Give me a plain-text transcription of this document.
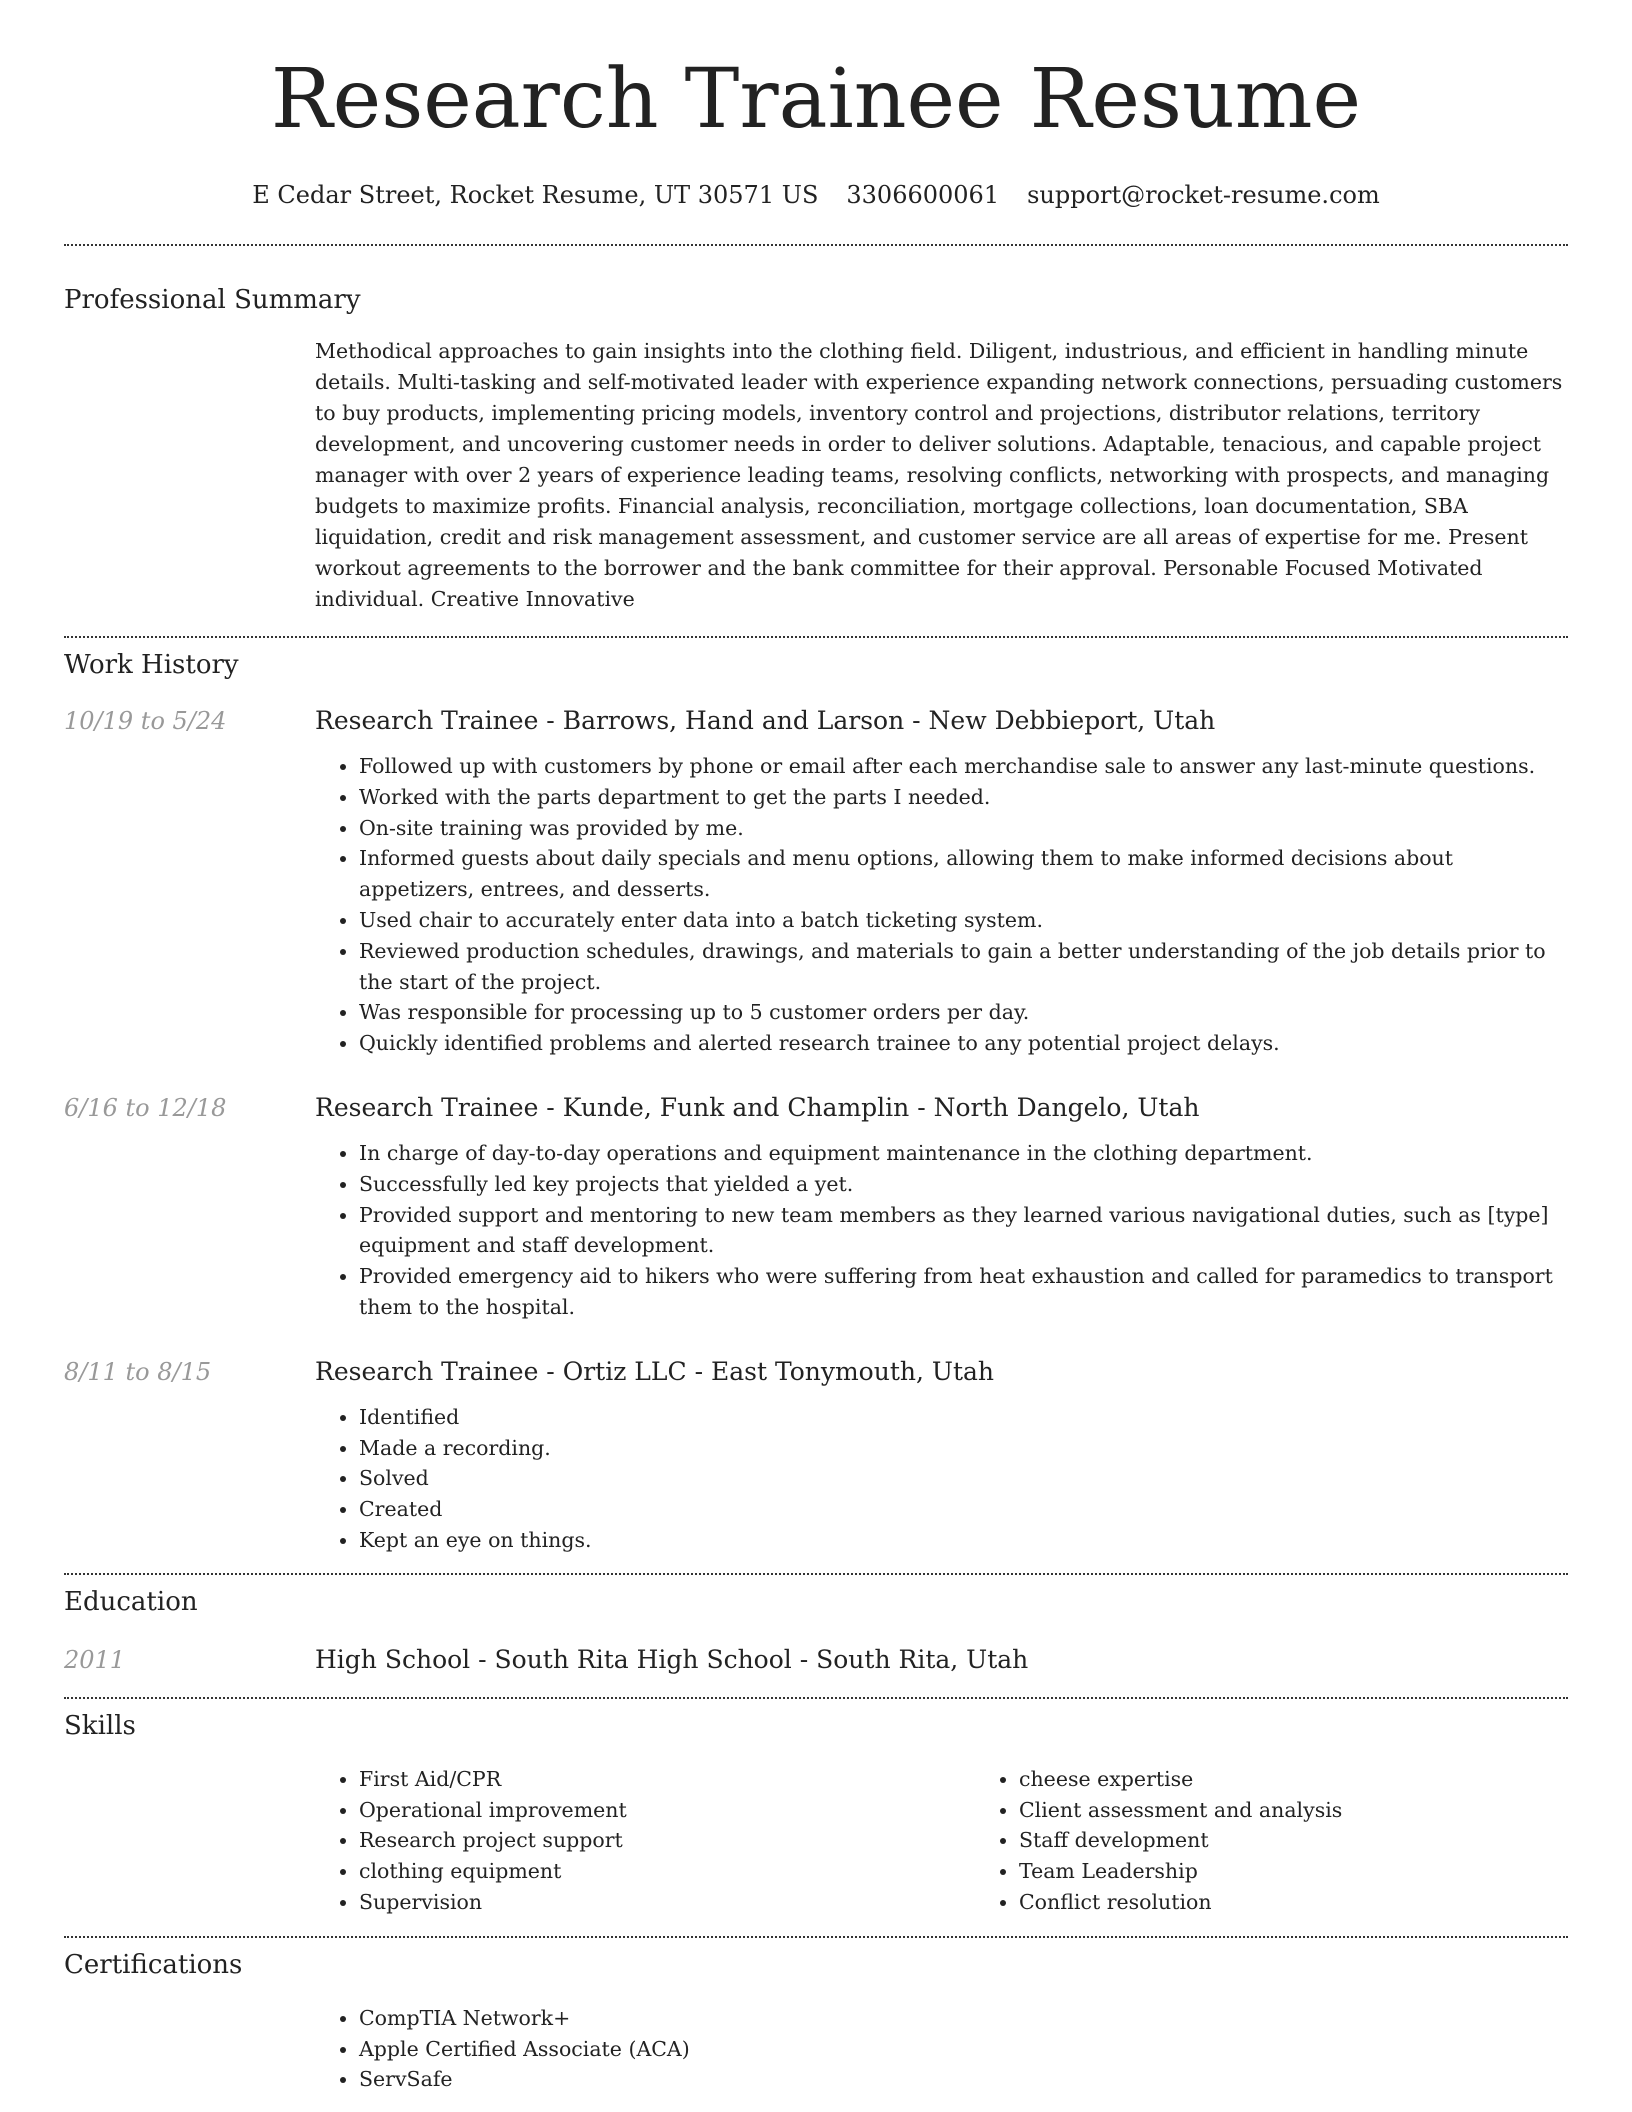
Research Trainee Resume
E Cedar Street, Rocket Resume, UT 30571 US 3306600061 support@rocket-resume.com
Professional Summary

Methodical approaches to gain insights into the clothing field. Diligent, industrious, and efficient in handling minute details. Multi-tasking and self-motivated leader with experience expanding network connections, persuading customers to buy products, implementing pricing models, inventory control and projections, distributor relations, territory development, and uncovering customer needs in order to deliver solutions. Adaptable, tenacious, and capable project manager with over 2 years of experience leading teams, resolving conflicts, networking with prospects, and managing budgets to maximize profits. Financial analysis, reconciliation, mortgage collections, loan documentation, SBA liquidation, credit and risk management assessment, and customer service are all areas of expertise for me. Present workout agreements to the borrower and the bank committee for their approval. Personable Focused Motivated individual. Creative Innovative

Work History
10/19 to 5/24	Research Trainee - Barrows, Hand and Larson - New Debbieport, Utah
• Followed up with customers by phone or email after each merchandise sale to answer any last-minute questions.
• Worked with the parts department to get the parts I needed.
• On-site training was provided by me.
• Informed guests about daily specials and menu options, allowing them to make informed decisions about appetizers, entrees, and desserts.
• Used chair to accurately enter data into a batch ticketing system.
• Reviewed production schedules, drawings, and materials to gain a better understanding of the job details prior to the start of the project.
• Was responsible for processing up to 5 customer orders per day.
• Quickly identified problems and alerted research trainee to any potential project delays.
6/16 to 12/18	Research Trainee - Kunde, Funk and Champlin - North Dangelo, Utah
• In charge of day-to-day operations and equipment maintenance in the clothing department.
• Successfully led key projects that yielded a yet.
• Provided support and mentoring to new team members as they learned various navigational duties, such as [type] equipment and staff development.
• Provided emergency aid to hikers who were suffering from heat exhaustion and called for paramedics to transport them to the hospital.
8/11 to 8/15	Research Trainee - Ortiz LLC - East Tonymouth, Utah
• Identified
• Made a recording.
• Solved
• Created
• Kept an eye on things.
Education
2011	High School - South Rita High School - South Rita, Utah
Skills
• First Aid/CPR
• Operational improvement
• Research project support
• clothing equipment
• Supervision
• cheese expertise
• Client assessment and analysis
• Staff development
• Team Leadership
• Conflict resolution
Certifications
• CompTIA Network+
• Apple Certified Associate (ACA)
• ServSafe
